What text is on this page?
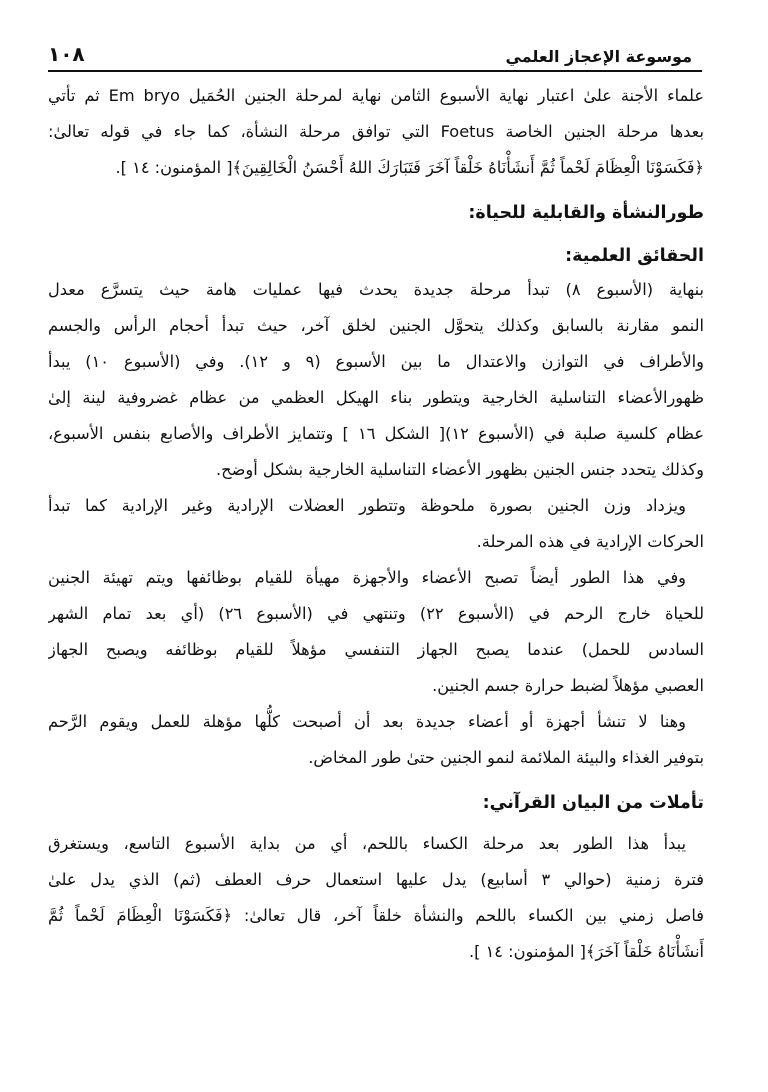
موسوعة الإعجاز العلمي
١٠٨
علماء الأجنة علىٰ اعتبار نهاية الأسبوع الثامن نهاية لمرحلة الجنين الحُمَيل Em bryo ثم تأتي
بعدها مرحلة الجنين الخاصة Foetus التي توافق مرحلة النشأة، كما جاء في قوله تعالىٰ:
﴿فَكَسَوْنَا الْعِظَامَ لَحْماً ثُمَّ أَنشَأْنَاهُ خَلْقاً آخَرَ فَتَبَارَكَ اللهُ أَحْسَنُ الْخَالِقِينَ﴾[ المؤمنون: ١٤ ].
طورالنشأة والقابلية للحياة:
الحقائق العلمية:
بنهاية (الأسبوع ٨) تبدأ مرحلة جديدة يحدث فيها عمليات هامة حيث يتسرَّع معدل
النمو مقارنة بالسابق وكذلك يتحوَّل الجنين لخلق آخر، حيث تبدأ أحجام الرأس والجسم
والأطراف في التوازن والاعتدال ما بين الأسبوع (٩ و ١٢). وفي (الأسبوع ١٠) يبدأ
ظهورالأعضاء التناسلية الخارجية ويتطور بناء الهيكل العظمي من عظام غضروفية لينة إلىٰ
عظام كلسية صلبة في (الأسبوع ١٢)[ الشكل ١٦ ] وتتمايز الأطراف والأصابع بنفس الأسبوع،
وكذلك يتحدد جنس الجنين بظهور الأعضاء التناسلية الخارجية بشكل أوضح.
ويزداد وزن الجنين بصورة ملحوظة وتتطور العضلات الإرادية وغير الإرادية كما تبدأ
الحركات الإرادية في هذه المرحلة.
وفي هذا الطور أيضاً تصبح الأعضاء والأجهزة مهيأة للقيام بوظائفها ويتم تهيئة الجنين
للحياة خارج الرحم في (الأسبوع ٢٢) وتنتهي في (الأسبوع ٢٦) (أي بعد تمام الشهر
السادس للحمل) عندما يصبح الجهاز التنفسي مؤهلاً للقيام بوظائفه ويصبح الجهاز
العصبي مؤهلاً لضبط حرارة جسم الجنين.
وهنا لا تنشأ أجهزة أو أعضاء جديدة بعد أن أصبحت كلُّها مؤهلة للعمل ويقوم الرَّحم
بتوفير الغذاء والبيئة الملائمة لنمو الجنين حتىٰ طور المخاض.
تأملات من البيان القرآني:
يبدأ هذا الطور بعد مرحلة الكساء باللحم، أي من بداية الأسبوع التاسع، ويستغرق
فترة زمنية (حوالي ٣ أسابيع) يدل عليها استعمال حرف العطف (ثم) الذي يدل علىٰ
فاصل زمني بين الكساء باللحم والنشأة خلقاً آخر، قال تعالىٰ: ﴿فَكَسَوْنَا الْعِظَامَ لَحْماً ثُمَّ
أَنشَأْنَاهُ خَلْقاً آخَرَ﴾[ المؤمنون: ١٤ ].
